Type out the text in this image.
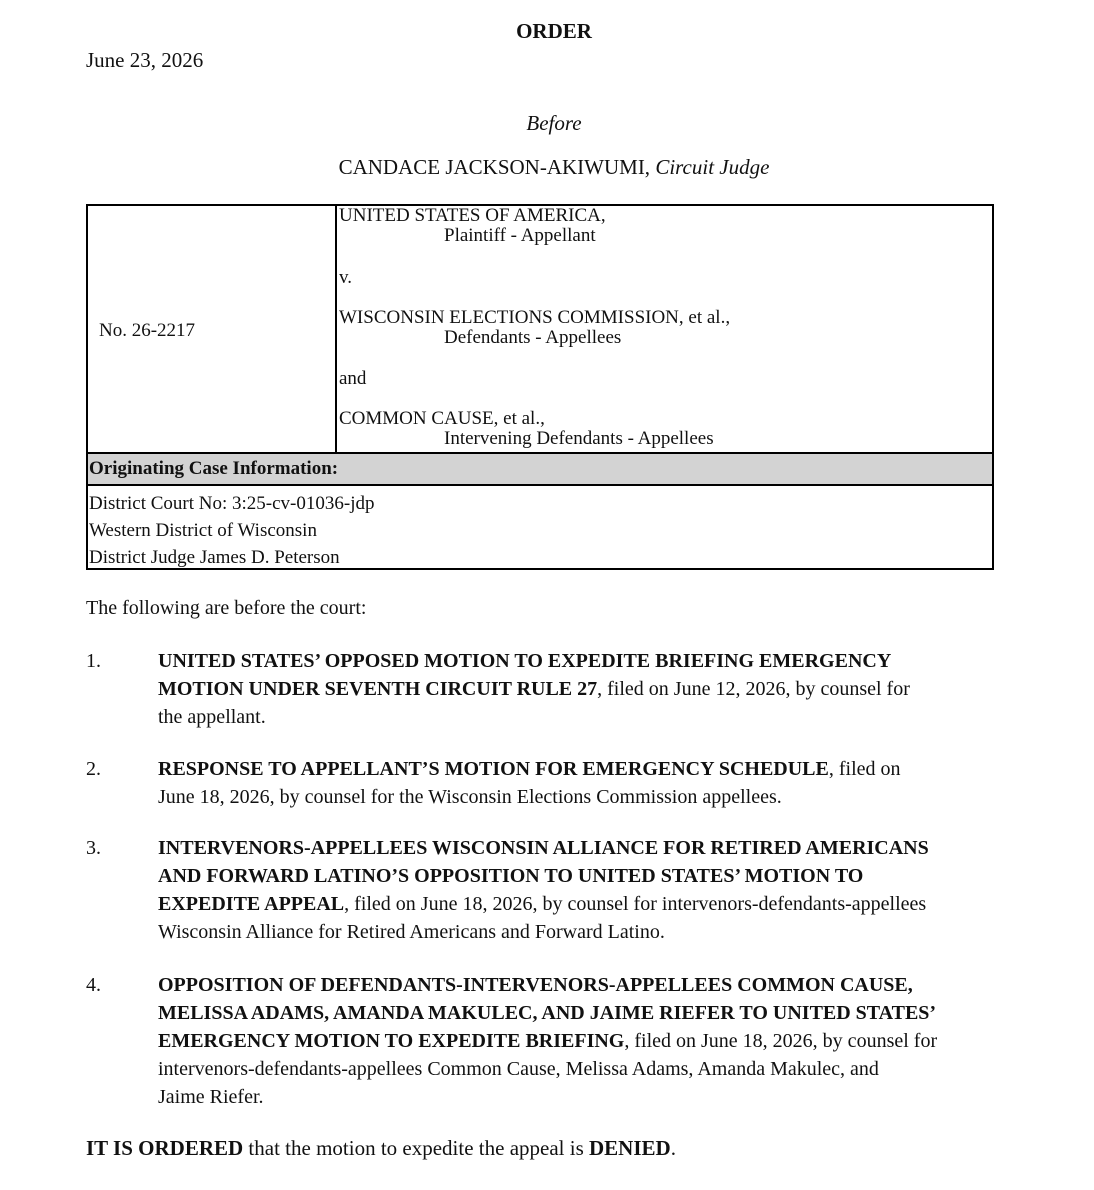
ORDER
June 23, 2026
Before
CANDACE JACKSON-AKIWUMI, Circuit Judge
No. 26-2217
UNITED STATES OF AMERICA,
Plaintiff - Appellant
v.
WISCONSIN ELECTIONS COMMISSION, et al.,
Defendants - Appellees
and
COMMON CAUSE, et al.,
Intervening Defendants - Appellees
Originating Case Information:
District Court No: 3:25-cv-01036-jdp
Western District of Wisconsin
District Judge James D. Peterson
The following are before the court:
1.	UNITED STATES’ OPPOSED MOTION TO EXPEDITE BRIEFING EMERGENCY
MOTION UNDER SEVENTH CIRCUIT RULE 27, filed on June 12, 2026, by counsel for
the appellant.
2.	RESPONSE TO APPELLANT’S MOTION FOR EMERGENCY SCHEDULE, filed on
June 18, 2026, by counsel for the Wisconsin Elections Commission appellees.
3.	INTERVENORS-APPELLEES WISCONSIN ALLIANCE FOR RETIRED AMERICANS
AND FORWARD LATINO’S OPPOSITION TO UNITED STATES’ MOTION TO
EXPEDITE APPEAL, filed on June 18, 2026, by counsel for intervenors-defendants-appellees
Wisconsin Alliance for Retired Americans and Forward Latino.
4.	OPPOSITION OF DEFENDANTS-INTERVENORS-APPELLEES COMMON CAUSE,
MELISSA ADAMS, AMANDA MAKULEC, AND JAIME RIEFER TO UNITED STATES’
EMERGENCY MOTION TO EXPEDITE BRIEFING, filed on June 18, 2026, by counsel for
intervenors-defendants-appellees Common Cause, Melissa Adams, Amanda Makulec, and
Jaime Riefer.
IT IS ORDERED that the motion to expedite the appeal is DENIED.
